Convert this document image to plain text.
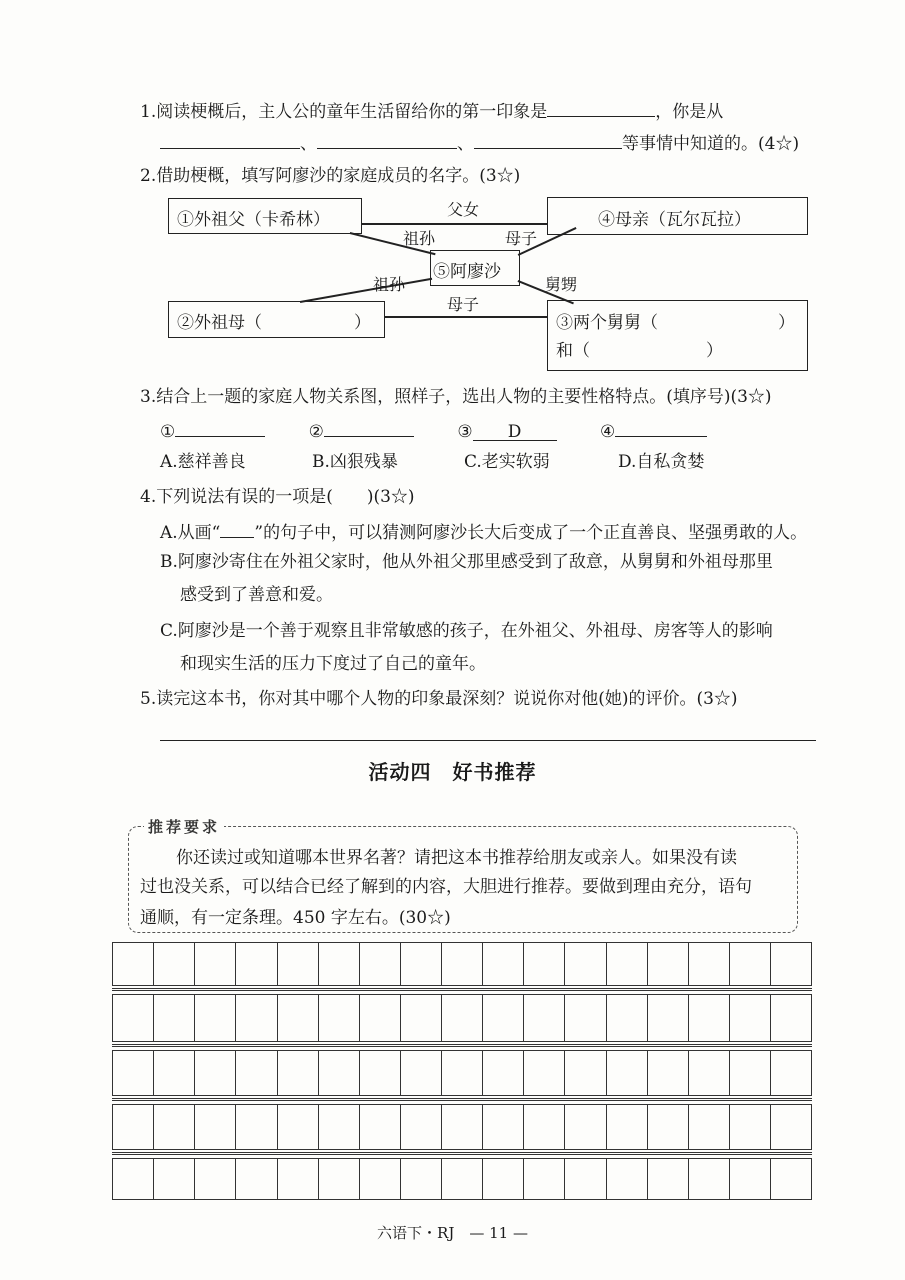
1.阅读梗概后，主人公的童年生活留给你的第一印象是	，你是从
、	、	等事情中知道的。(4☆)
2.借助梗概，填写阿廖沙的家庭成员的名字。(3☆)
①外祖父（卡希林）	④母亲（瓦尔瓦拉）
⑤阿廖沙
②外祖母（	）	③两个舅舅（	）
和（	）
父女
祖孙	母子
祖孙	舅甥
母子
3.结合上一题的家庭人物关系图，照样子，选出人物的主要性格特点。(填序号)(3☆)
①	②	③ D	④
A.慈祥善良	B.凶狠残暴	C.老实软弱	D.自私贪婪
4.下列说法有误的一项是(　　)(3☆)
A.从画“ ”的句子中，可以猜测阿廖沙长大后变成了一个正直善良、坚强勇敢的人。
B.阿廖沙寄住在外祖父家时，他从外祖父那里感受到了敌意，从舅舅和外祖母那里
感受到了善意和爱。
C.阿廖沙是一个善于观察且非常敏感的孩子，在外祖父、外祖母、房客等人的影响
和现实生活的压力下度过了自己的童年。
5.读完这本书，你对其中哪个人物的印象最深刻？说说你对他(她)的评价。(3☆)
活动四　好书推荐
推荐要求
你还读过或知道哪本世界名著？请把这本书推荐给朋友或亲人。如果没有读
过也没关系，可以结合已经了解到的内容，大胆进行推荐。要做到理由充分，语句
通顺，有一定条理。450 字左右。(30☆)
六语下・RJ　— 11 —
